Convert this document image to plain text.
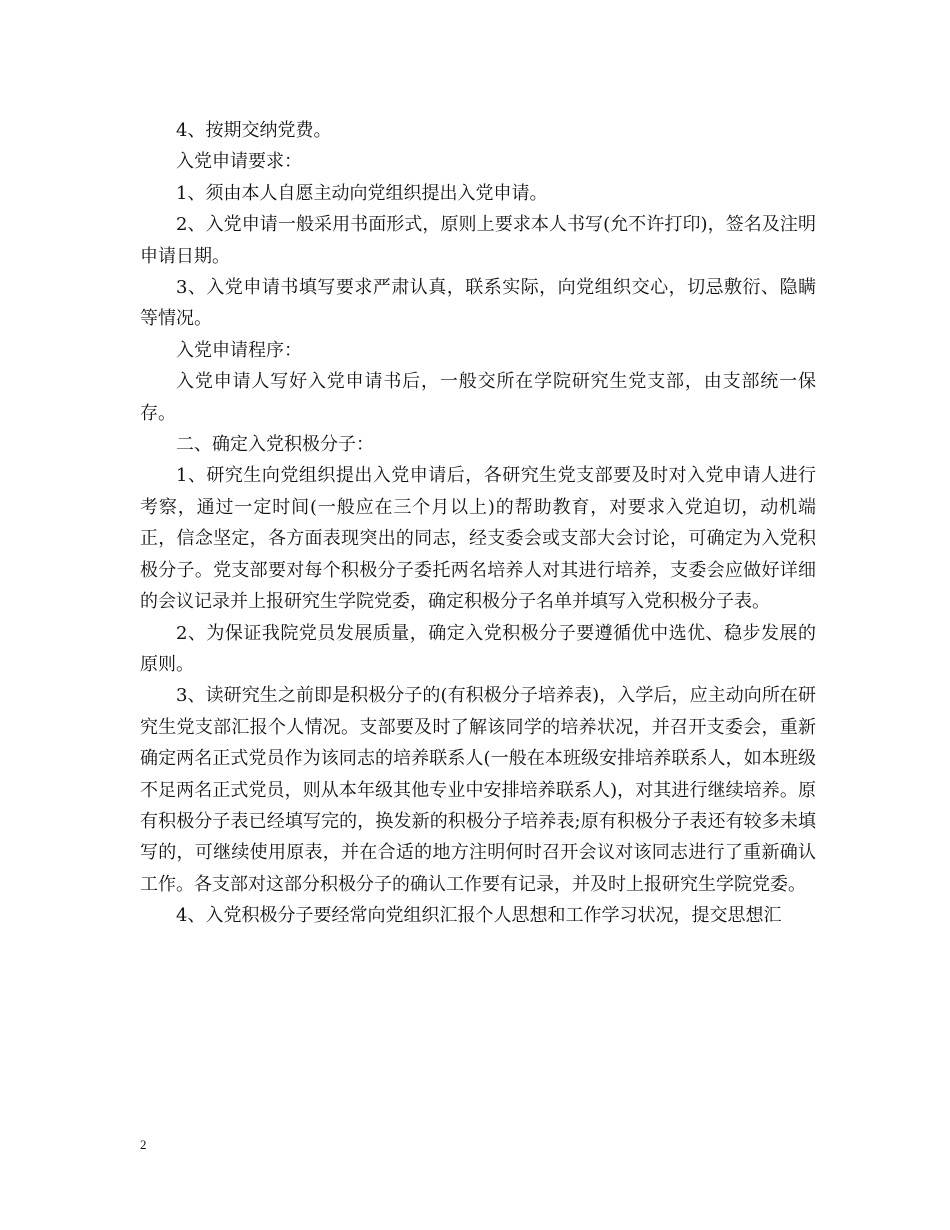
4、按期交纳党费。

入党申请要求：

1、须由本人自愿主动向党组织提出入党申请。

2、入党申请一般采用书面形式，原则上要求本人书写(允不许打印)，签名及注明申请日期。

3、入党申请书填写要求严肃认真，联系实际，向党组织交心，切忌敷衍、隐瞒等情况。

入党申请程序：

入党申请人写好入党申请书后，一般交所在学院研究生党支部，由支部统一保存。

二、确定入党积极分子：

1、研究生向党组织提出入党申请后，各研究生党支部要及时对入党申请人进行考察，通过一定时间(一般应在三个月以上)的帮助教育，对要求入党迫切，动机端正，信念坚定，各方面表现突出的同志，经支委会或支部大会讨论，可确定为入党积极分子。党支部要对每个积极分子委托两名培养人对其进行培养，支委会应做好详细的会议记录并上报研究生学院党委，确定积极分子名单并填写入党积极分子表。

2、为保证我院党员发展质量，确定入党积极分子要遵循优中选优、稳步发展的原则。

3、读研究生之前即是积极分子的(有积极分子培养表)，入学后，应主动向所在研究生党支部汇报个人情况。支部要及时了解该同学的培养状况，并召开支委会，重新确定两名正式党员作为该同志的培养联系人(一般在本班级安排培养联系人，如本班级不足两名正式党员，则从本年级其他专业中安排培养联系人)，对其进行继续培养。原有积极分子表已经填写完的，换发新的积极分子培养表;原有积极分子表还有较多未填写的，可继续使用原表，并在合适的地方注明何时召开会议对该同志进行了重新确认工作。各支部对这部分积极分子的确认工作要有记录，并及时上报研究生学院党委。

4、入党积极分子要经常向党组织汇报个人思想和工作学习状况，提交思想汇

2
